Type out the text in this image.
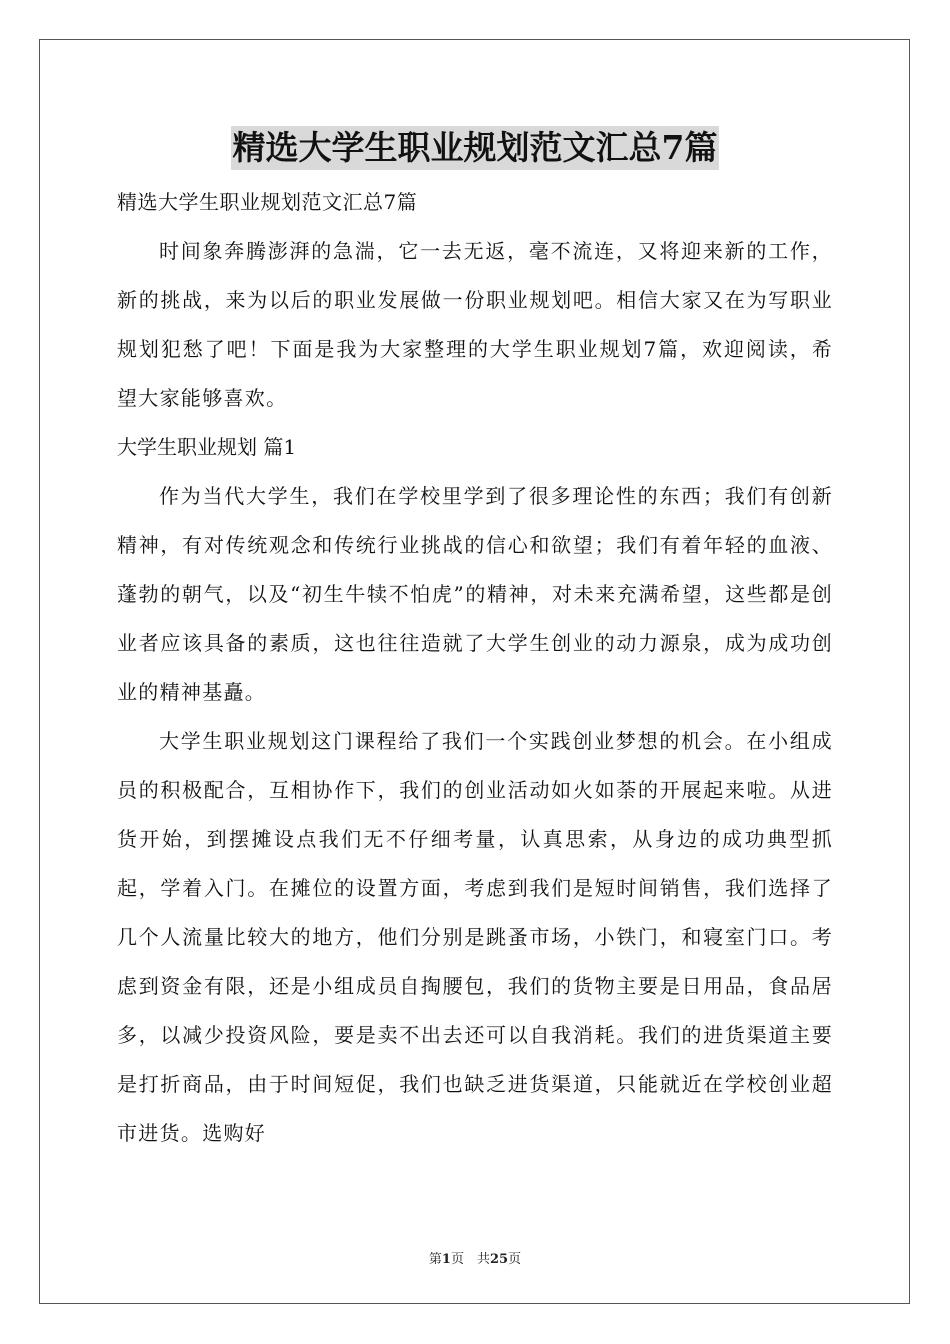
精选大学生职业规划范文汇总7篇

精选大学生职业规划范文汇总7篇

时间象奔腾澎湃的急湍，它一去无返，毫不流连，又将迎来新的工作，新的挑战，来为以后的职业发展做一份职业规划吧。相信大家又在为写职业规划犯愁了吧！下面是我为大家整理的大学生职业规划7篇，欢迎阅读，希望大家能够喜欢。

大学生职业规划 篇1

作为当代大学生，我们在学校里学到了很多理论性的东西；我们有创新精神，有对传统观念和传统行业挑战的信心和欲望；我们有着年轻的血液、蓬勃的朝气，以及“初生牛犊不怕虎”的精神，对未来充满希望，这些都是创业者应该具备的素质，这也往往造就了大学生创业的动力源泉，成为成功创业的精神基矗。

大学生职业规划这门课程给了我们一个实践创业梦想的机会。在小组成员的积极配合，互相协作下，我们的创业活动如火如荼的开展起来啦。从进货开始，到摆摊设点我们无不仔细考量，认真思索，从身边的成功典型抓起，学着入门。在摊位的设置方面，考虑到我们是短时间销售，我们选择了几个人流量比较大的地方，他们分别是跳蚤市场，小铁门，和寝室门口。考虑到资金有限，还是小组成员自掏腰包，我们的货物主要是日用品，食品居多，以减少投资风险，要是卖不出去还可以自我消耗。我们的进货渠道主要是打折商品，由于时间短促，我们也缺乏进货渠道，只能就近在学校创业超市进货。选购好

第1页　共25页
